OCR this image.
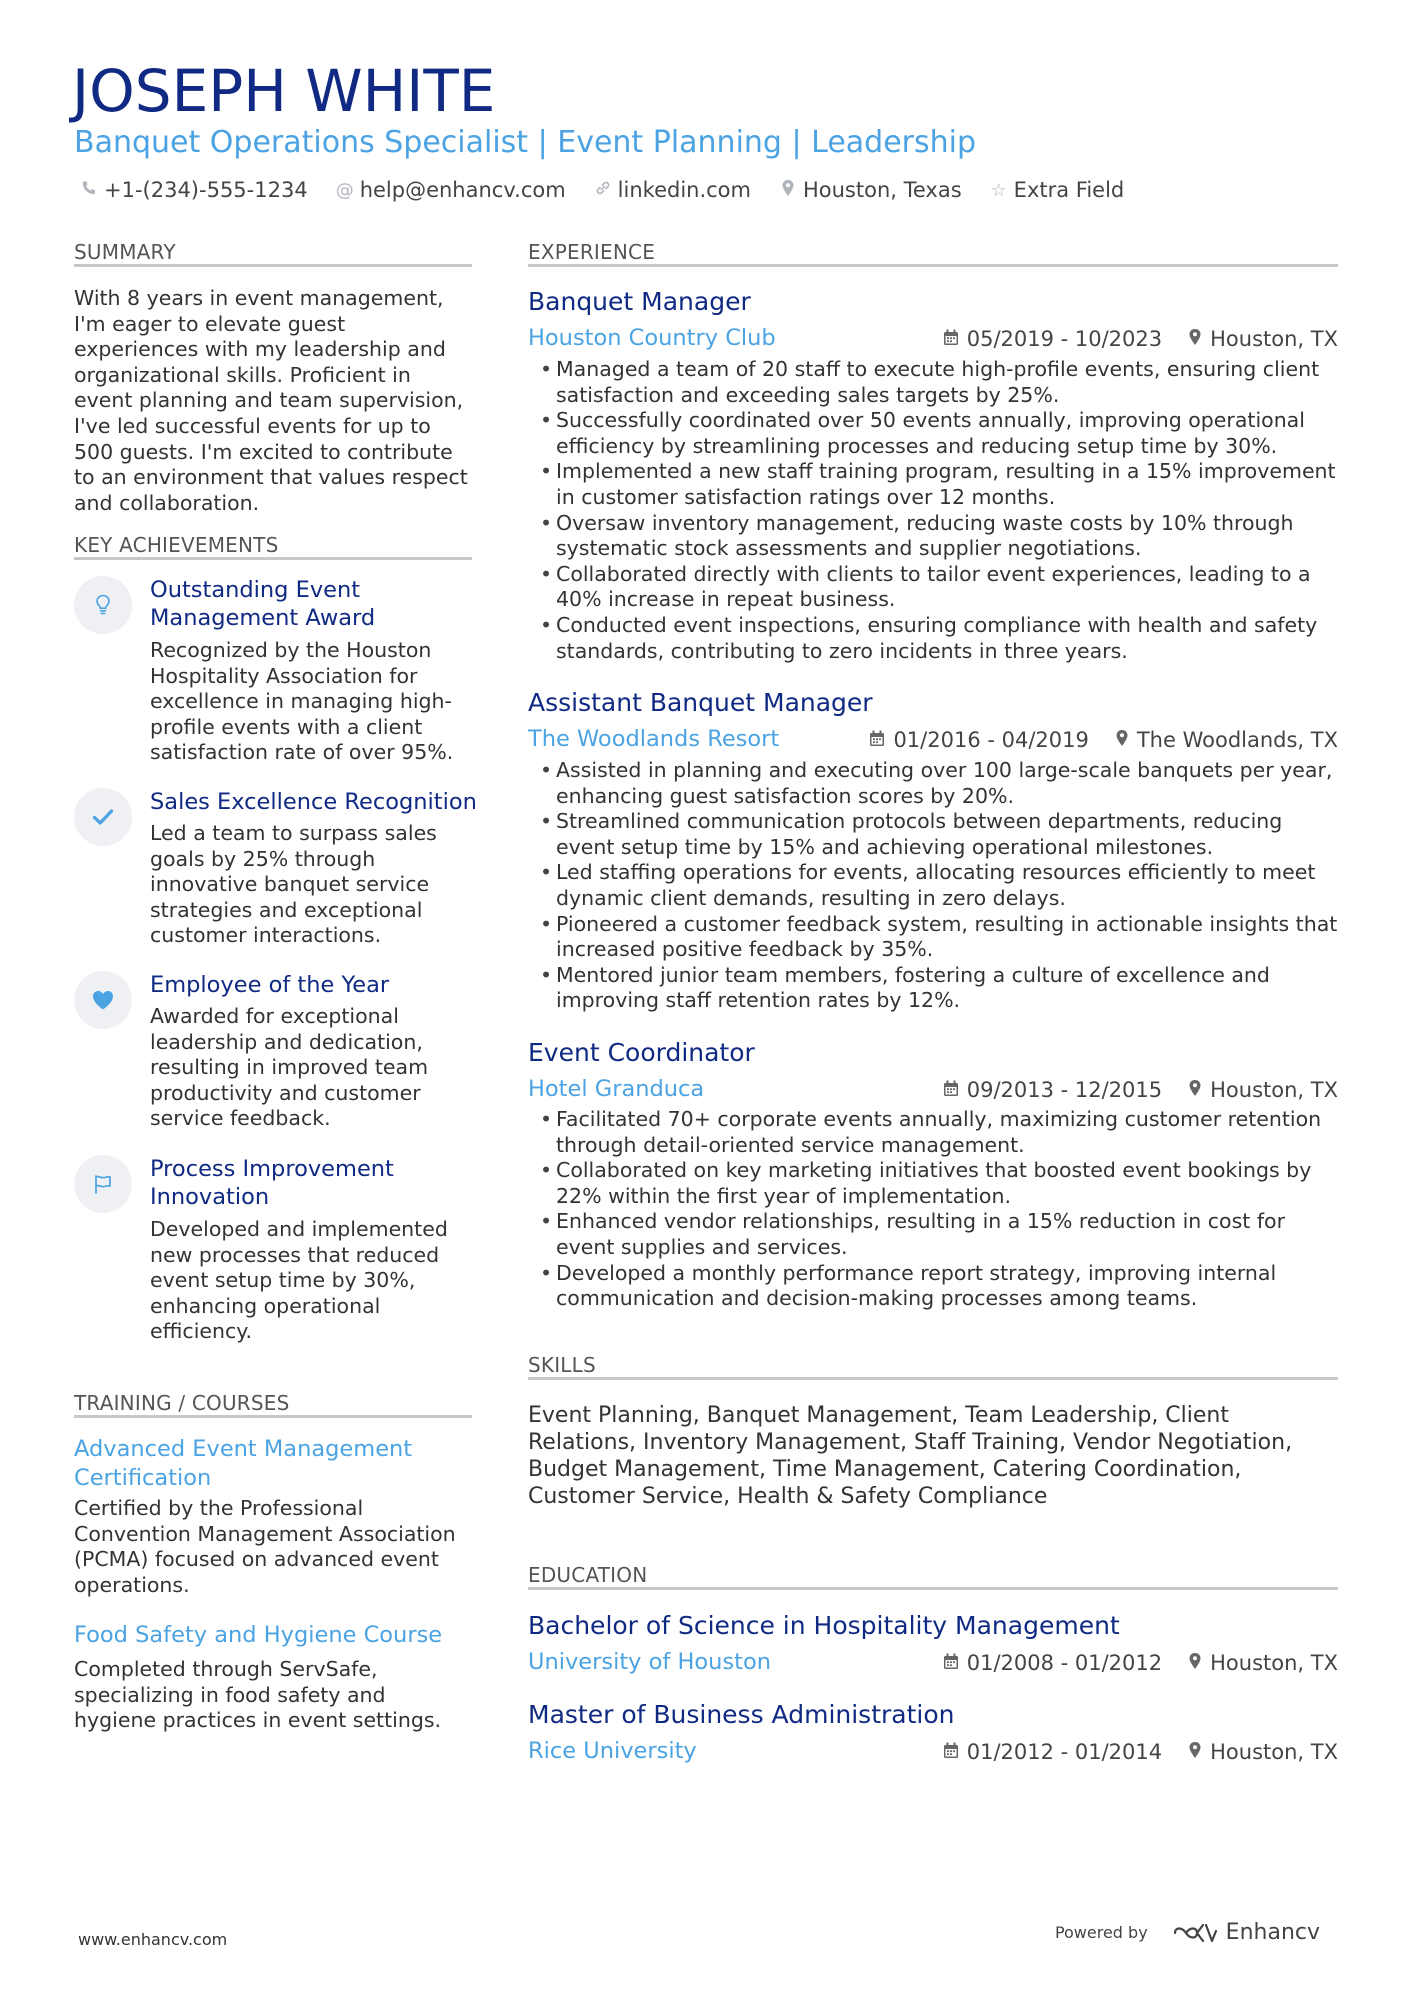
JOSEPH WHITE
Banquet Operations Specialist | Event Planning | Leadership
+1-(234)-555-1234 @ help@enhancv.com linkedin.com Houston, Texas ☆ Extra Field
SUMMARY
With 8 years in event management, I'm eager to elevate guest experiences with my leadership and organizational skills. Proficient in event planning and team supervision, I've led successful events for up to 500 guests. I'm excited to contribute to an environment that values respect and collaboration.
KEY ACHIEVEMENTS
Outstanding Event Management Award
Recognized by the Houston Hospitality Association for excellence in managing high-profile events with a client satisfaction rate of over 95%.
Sales Excellence Recognition
Led a team to surpass sales goals by 25% through innovative banquet service strategies and exceptional customer interactions.
Employee of the Year
Awarded for exceptional leadership and dedication, resulting in improved team productivity and customer service feedback.
Process Improvement Innovation
Developed and implemented new processes that reduced event setup time by 30%, enhancing operational efficiency.
TRAINING / COURSES
Advanced Event Management Certification
Certified by the Professional Convention Management Association (PCMA) focused on advanced event operations.
Food Safety and Hygiene Course
Completed through ServSafe, specializing in food safety and hygiene practices in event settings.
EXPERIENCE
Banquet Manager
Houston Country Club	05/2019 - 10/2023 Houston, TX
• Managed a team of 20 staff to execute high-profile events, ensuring client satisfaction and exceeding sales targets by 25%.
• Successfully coordinated over 50 events annually, improving operational efficiency by streamlining processes and reducing setup time by 30%.
• Implemented a new staff training program, resulting in a 15% improvement in customer satisfaction ratings over 12 months.
• Oversaw inventory management, reducing waste costs by 10% through systematic stock assessments and supplier negotiations.
• Collaborated directly with clients to tailor event experiences, leading to a 40% increase in repeat business.
• Conducted event inspections, ensuring compliance with health and safety standards, contributing to zero incidents in three years.
Assistant Banquet Manager
The Woodlands Resort	01/2016 - 04/2019 The Woodlands, TX
• Assisted in planning and executing over 100 large-scale banquets per year, enhancing guest satisfaction scores by 20%.
• Streamlined communication protocols between departments, reducing event setup time by 15% and achieving operational milestones.
• Led staffing operations for events, allocating resources efficiently to meet dynamic client demands, resulting in zero delays.
• Pioneered a customer feedback system, resulting in actionable insights that increased positive feedback by 35%.
• Mentored junior team members, fostering a culture of excellence and improving staff retention rates by 12%.
Event Coordinator
Hotel Granduca	09/2013 - 12/2015 Houston, TX
• Facilitated 70+ corporate events annually, maximizing customer retention through detail-oriented service management.
• Collaborated on key marketing initiatives that boosted event bookings by 22% within the first year of implementation.
• Enhanced vendor relationships, resulting in a 15% reduction in cost for event supplies and services.
• Developed a monthly performance report strategy, improving internal communication and decision-making processes among teams.
SKILLS
Event Planning, Banquet Management, Team Leadership, Client Relations, Inventory Management, Staff Training, Vendor Negotiation, Budget Management, Time Management, Catering Coordination, Customer Service, Health & Safety Compliance
EDUCATION
Bachelor of Science in Hospitality Management
University of Houston	01/2008 - 01/2012 Houston, TX
Master of Business Administration
Rice University	01/2012 - 01/2014 Houston, TX
www.enhancv.com	Powered by	Enhancv
